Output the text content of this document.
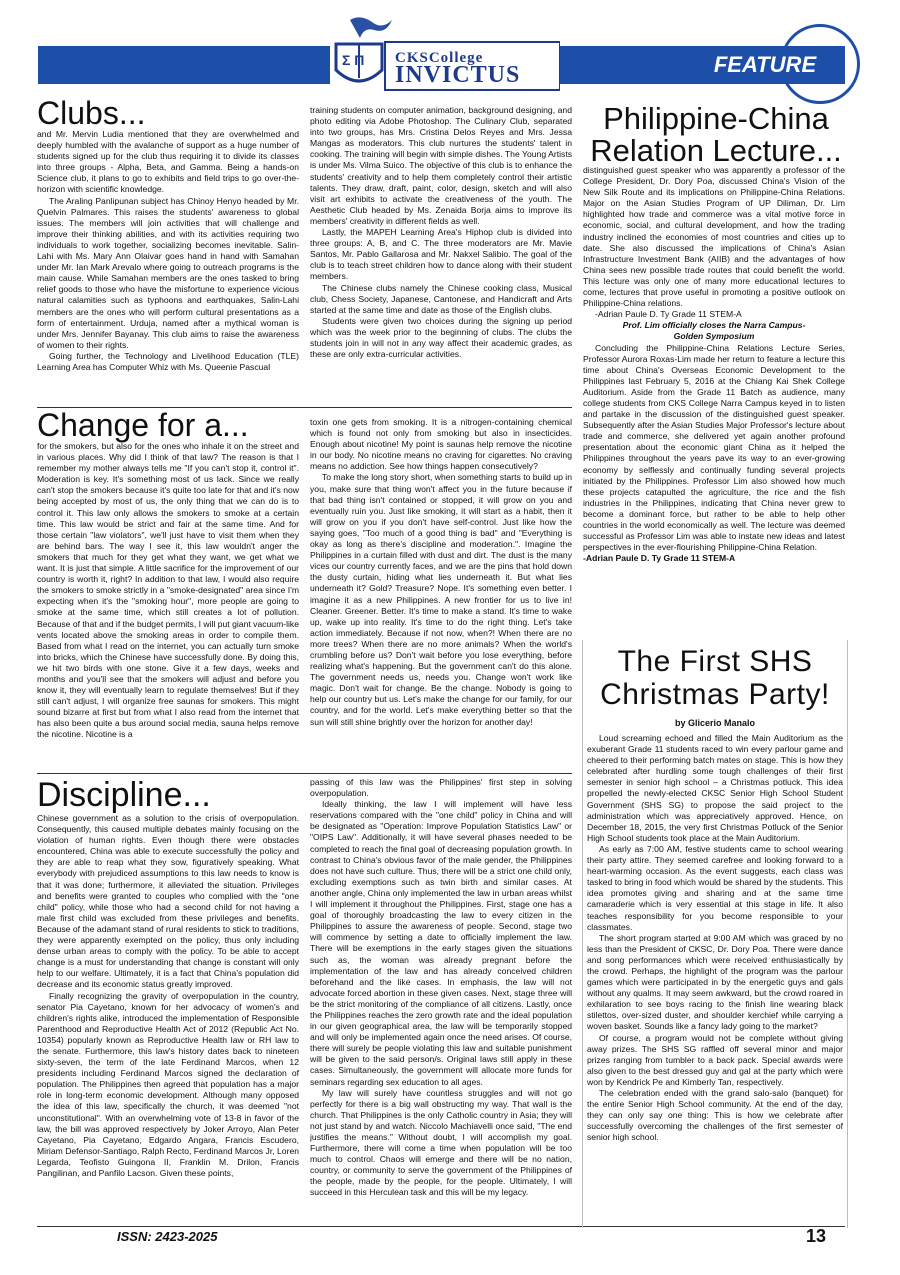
FEATURE
Σ Π CKSCollege
INVICTUS
Clubs...

and Mr. Mervin Ludia mentioned that they are overwhelmed and deeply humbled with the avalanche of support as a huge number of students signed up for the club thus requiring it to divide its classes into three groups - Alpha, Beta, and Gamma. Being a hands-on Science club, it plans to go to exhibits and field trips to go over-the-horizon with scientific knowledge.

The Araling Panlipunan subject has Chinoy Henyo headed by Mr. Quelvin Palmares. This raises the students' awareness to global issues. The members will join activities that will challenge and improve their thinking abilities, and with its activities requiring two individuals to work together, socializing becomes inevitable. Salin-Lahi with Ms. Mary Ann Olaivar goes hand in hand with Samahan under Mr. Ian Mark Arevalo where going to outreach programs is the main cause. While Samahan members are the ones tasked to bring relief goods to those who have the misfortune to experience vicious natural calamities such as typhoons and earthquakes, Salin-Lahi members are the ones who will perform cultural presentations as a form of entertainment. Urduja, named after a mythical woman is under Mrs. Jennifer Bayanay. This club aims to raise the awareness of women to their rights.

Going further, the Technology and Livelihood Education (TLE) Learning Area has Computer Whiz with Ms. Queenie Pascual

training students on computer animation, background designing, and photo editing via Adobe Photoshop. The Culinary Club, separated into two groups, has Mrs. Cristina Delos Reyes and Mrs. Jessa Mangas as moderators. This club nurtures the students' talent in cooking. The training will begin with simple dishes. The Young Artists is under Ms. Vilma Suico. The objective of this club is to enhance the students' creativity and to help them completely control their artistic talents. They draw, draft, paint, color, design, sketch and will also visit art exhibits to activate the creativeness of the youth. The Aesthetic Club headed by Ms. Zenaida Borja aims to improve its members' creativity in different fields as well.

Lastly, the MAPEH Learning Area's Hiphop club is divided into three groups: A, B, and C. The three moderators are Mr. Mavie Santos, Mr. Pablo Gallarosa and Mr. Nakxel Salibio. The goal of the club is to teach street children how to dance along with their student members.

The Chinese clubs namely the Chinese cooking class, Musical club, Chess Society, Japanese, Cantonese, and Handicraft and Arts started at the same time and date as those of the English clubs.

Students were given two choices during the signing up period which was the week prior to the beginning of clubs. The clubs the students join in will not in any way affect their academic grades, as these are only extra-curricular activities.

Philippine-China
Relation Lecture...

distinguished guest speaker who was apparently a professor of the College President, Dr. Dory Poa, discussed China's Vision of the New Silk Route and its implications on Philippine-China Relations. Major on the Asian Studies Program of UP Diliman, Dr. Lim highlighted how trade and commerce was a vital motive force in economic, social, and cultural development, and how the trading industry inclined the economies of most countries and cities up to date. She also discussed the implications of China's Asian Infrastructure Investment Bank (AIIB) and the advantages of how China sees new possible trade routes that could benefit the world. This lecture was only one of many more educational lectures to come, lectures that prove useful in promoting a positive outlook on Philippine-China relations.

-Adrian Paule D. Ty Grade 11 STEM-A

Prof. Lim officially closes the Narra Campus-

Golden Symposium

Concluding the Philippine-China Relations Lecture Series, Professor Aurora Roxas-Lim made her return to feature a lecture this time about China's Overseas Economic Development to the Philippines last February 5, 2016 at the Chiang Kai Shek College Auditorium. Aside from the Grade 11 Batch as audience, many college students from CKS College Narra Campus keyed in to listen and partake in the discussion of the distinguished guest speaker. Subsequently after the Asian Studies Major Professor's lecture about trade and commerce, she delivered yet again another profound presentation about the economic giant China as it helped the Philippines throughout the years pave its way to an ever-growing economy by selflessly and continually funding several projects initiated by the Philippines. Professor Lim also showed how much these projects catapulted the agriculture, the rice and the fish industries in the Philippines, indicating that China never grew to become a dominant force, but rather to be able to help other countries in the world economically as well. The lecture was deemed successful as Professor Lim was able to instate new ideas and latest perspectives in the ever-flourishing Philippine-China Relation.

-Adrian Paule D. Ty Grade 11 STEM-A

Change for a...

for the smokers, but also for the ones who inhale it on the street and in various places. Why did I think of that law? The reason is that I remember my mother always tells me "If you can't stop it, control it". Moderation is key. It's something most of us lack. Since we really can't stop the smokers because it's quite too late for that and it's now being accepted by most of us, the only thing that we can do is to control it. This law only allows the smokers to smoke at a certain time. This law would be strict and fair at the same time. And for those certain "law violators", we'll just have to visit them when they are behind bars. The way I see it, this law wouldn't anger the smokers that much for they get what they want, we get what we want. It is just that simple. A little sacrifice for the improvement of our country is worth it, right? In addition to that law, I would also require the smokers to smoke strictly in a "smoke-designated" area since I'm expecting when it's the "smoking hour", more people are going to smoke at the same time, which still creates a lot of pollution. Because of that and if the budget permits, I will put giant vacuum-like vents located above the smoking areas in order to compile them. Based from what I read on the internet, you can actually turn smoke into bricks, which the Chinese have successfully done. By doing this, we hit two birds with one stone. Give it a few days, weeks and months and you'll see that the smokers will adjust and before you know it, they will eventually learn to regulate themselves! But if they still can't adjust, I will organize free saunas for smokers. This might sound bizarre at first but from what I also read from the internet that has also been quite a bus around social media, sauna helps remove the nicotine. Nicotine is a

toxin one gets from smoking. It is a nitrogen-containing chemical which is found not only from smoking but also in insecticides. Enough about nicotine! My point is saunas help remove the nicotine in our body. No nicotine means no craving for cigarettes. No craving means no addiction. See how things happen consecutively?

To make the long story short, when something starts to build up in you, make sure that thing won't affect you in the future because if that bad thing isn't contained or stopped, it will grow on you and eventually ruin you. Just like smoking, it will start as a habit, then it will grow on you if you don't have self-control. Just like how the saying goes, "Too much of a good thing is bad" and "Everything is okay as long as there's discipline and moderation.". Imagine the Philippines in a curtain filled with dust and dirt. The dust is the many vices our country currently faces, and we are the pins that hold down the dusty curtain, hiding what lies underneath it. But what lies underneath it? Gold? Treasure? Nope. It's something even better. I imagine it as a new Philippines. A new frontier for us to live in! Cleaner. Greener. Better. It's time to make a stand. It's time to wake up, wake up into reality. It's time to do the right thing. Let's take action immediately. Because if not now, when?! When there are no more trees? When there are no more animals? When the world's crumbling before us? Don't wait before you lose everything, before realizing what's happening. But the government can't do this alone. The government needs us, needs you. Change won't work like magic. Don't wait for change. Be the change. Nobody is going to help our country but us. Let's make the change for our family, for our country, and for the world. Let's make everything better so that the sun will still shine brightly over the horizon for another day!

Discipline...

Chinese government as a solution to the crisis of overpopulation. Consequently, this caused multiple debates mainly focusing on the violation of human rights. Even though there were obstacles encountered, China was able to execute successfully the policy and they are able to reap what they sow, figuratively speaking. What everybody with prejudiced assumptions to this law needs to know is that it was done; furthermore, it alleviated the situation. Privileges and benefits were granted to couples who complied with the "one child" policy, while those who had a second child for not having a male first child was excluded from these privileges and benefits. Because of the adamant stand of rural residents to stick to traditions, they were apparently exempted on the policy, thus only including dense urban areas to comply with the policy. To be able to accept change is a must for understanding that change is constant will only help to our welfare. Ultimately, it is a fact that China's population did decrease and its economic status greatly improved.

Finally recognizing the gravity of overpopulation in the country, senator Pia Cayetano, known for her advocacy of women's and children's rights alike, introduced the implementation of Responsible Parenthood and Reproductive Health Act of 2012 (Republic Act No. 10354) popularly known as Reproductive Health law or RH law to the senate. Furthermore, this law's history dates back to nineteen sixty-seven, the term of the late Ferdinand Marcos, when 12 presidents including Ferdinand Marcos signed the declaration of population. The Philippines then agreed that population has a major role in long-term economic development. Although many opposed the idea of this law, specifically the church, it was deemed "not unconstitutional". With an overwhelming vote of 13-8 in favor of the law, the bill was approved respectively by Joker Arroyo, Alan Peter Cayetano, Pia Cayetano, Edgardo Angara, Francis Escudero, Miriam Defensor-Santiago, Ralph Recto, Ferdinand Marcos Jr, Loren Legarda, Teofisto Guingona II, Franklin M. Drilon, Francis Pangilinan, and Panfilo Lacson. Given these points,

passing of this law was the Philippines' first step in solving overpopulation.

Ideally thinking, the law I will implement will have less reservations compared with the "one child" policy in China and will be designated as "Operation: Improve Population Statistics Law" or "OIPS Law". Additionally, it will have several phases needed to be completed to reach the final goal of decreasing population growth. In contrast to China's obvious favor of the male gender, the Philippines does not have such culture. Thus, there will be a strict one child only, excluding exemptions such as twin birth and similar cases. At another angle, China only implemented the law in urban areas whilst I will implement it throughout the Philippines. First, stage one has a goal of thoroughly broadcasting the law to every citizen in the Philippines to assure the awareness of people. Second, stage two will commence by setting a date to officially implement the law. There will be exemptions in the early stages given the situations such as, the woman was already pregnant before the implementation of the law and has already conceived children beforehand and the like cases. In emphasis, the law will not advocate forced abortion in these given cases. Next, stage three will be the strict monitoring of the compliance of all citizens. Lastly, once the Philippines reaches the zero growth rate and the ideal population in our given geographical area, the law will be temporarily stopped and will only be implemented again once the need arises. Of course, there will surely be people violating this law and suitable punishment will be given to the said person/s. Original laws still apply in these cases. Simultaneously, the government will allocate more funds for seminars regarding sex education to all ages.

My law will surely have countless struggles and will not go perfectly for there is a big wall obstructing my way. That wall is the church. That Philippines is the only Catholic country in Asia; they will not just stand by and watch. Niccolo Machiavelli once said, "The end justifies the means." Without doubt, I will accomplish my goal. Furthermore, there will come a time when population will be too much to control. Chaos will emerge and there will be no nation, country, or community to serve the government of the Philippines of the people, made by the people, for the people. Ultimately, I will succeed in this Herculean task and this will be my legacy.

The First SHS
Christmas Party!
by Glicerio Manalo

Loud screaming echoed and filled the Main Auditorium as the exuberant Grade 11 students raced to win every parlour game and cheered to their performing batch mates on stage. This is how they celebrated after hurdling some tough challenges of their first semester in senior high school – a Christmas potluck. This idea propelled the newly-elected CKSC Senior High School Student Government (SHS SG) to propose the said project to the administration which was appreciatively approved. Hence, on December 18, 2015, the very first Christmas Potluck of the Senior High School students took place at the Main Auditorium.

As early as 7:00 AM, festive students came to school wearing their party attire. They seemed carefree and looking forward to a heart-warming occasion. As the event suggests, each class was tasked to bring in food which would be shared by the students. This idea promotes giving and sharing and at the same time camaraderie which is very essential at this stage in life. It also teaches responsibility for you become responsible to your classmates.

The short program started at 9:00 AM which was graced by no less than the President of CKSC, Dr. Dory Poa. There were dance and song performances which were received enthusiastically by the crowd. Perhaps, the highlight of the program was the parlour games which were participated in by the energetic guys and gals without any qualms. It may seem awkward, but the crowd roared in exhilaration to see boys racing to the finish line wearing black stilettos, over-sized duster, and shoulder kerchief while carrying a woven basket. Sounds like a fancy lady going to the market?

Of course, a program would not be complete without giving away prizes. The SHS SG raffled off several minor and major prizes ranging from tumbler to a back pack. Special awards were also given to the best dressed guy and gal at the party which were won by Kendrick Pe and Kimberly Tan, respectively.

The celebration ended with the grand salo-salo (banquet) for the entire Senior High School community. At the end of the day, they can only say one thing: This is how we celebrate after successfully overcoming the challenges of the first semester of senior high school.

ISSN: 2423-2025	13
